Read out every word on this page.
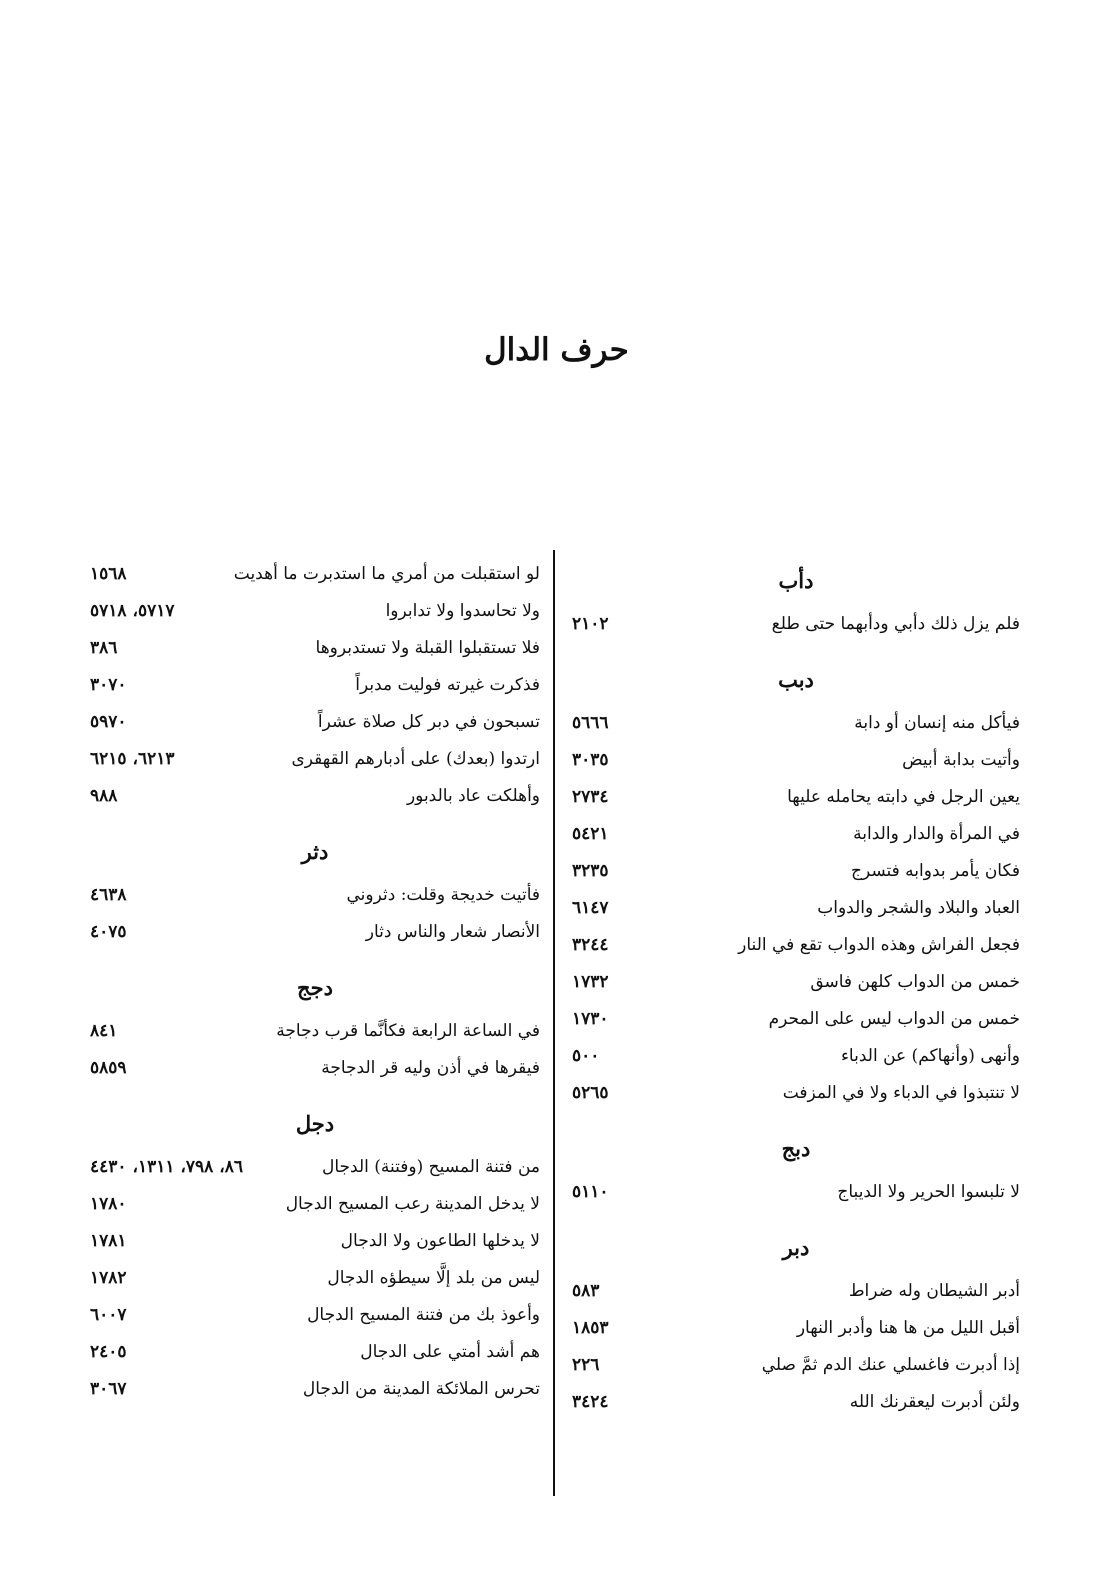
حرف الدال
دأب
فلم يزل ذلك دأبي ودأبهما حتى طلع
٢١٠٢
دبب
فيأكل منه إنسان أو دابة
٥٦٦٦
وأتيت بدابة أبيض
٣٠٣٥
يعين الرجل في دابته يحامله عليها
٢٧٣٤
في المرأة والدار والدابة
٥٤٢١
فكان يأمر بدوابه فتسرج
٣٢٣٥
العباد والبلاد والشجر والدواب
٦١٤٧
فجعل الفراش وهذه الدواب تقع في النار
٣٢٤٤
خمس من الدواب كلهن فاسق
١٧٣٢
خمس من الدواب ليس على المحرم
١٧٣٠
وأنهى (وأنهاكم) عن الدباء
٥٠٠
لا تنتبذوا في الدباء ولا في المزفت
٥٢٦٥
دبج
لا تلبسوا الحرير ولا الديباج
٥١١٠
دبر
أدبر الشيطان وله ضراط
٥٨٣
أقبل الليل من ها هنا وأدبر النهار
١٨٥٣
إذا أدبرت فاغسلي عنك الدم ثمَّ صلي
٢٢٦
ولئن أدبرت ليعقرنك الله
٣٤٢٤
لو استقبلت من أمري ما استدبرت ما أهديت
١٥٦٨
ولا تحاسدوا ولا تدابروا
٥٧١٧، ٥٧١٨
فلا تستقبلوا القبلة ولا تستدبروها
٣٨٦
فذكرت غيرته فوليت مدبراً
٣٠٧٠
تسبحون في دبر كل صلاة عشراً
٥٩٧٠
ارتدوا (بعدك) على أدبارهم القهقرى
٦٢١٣، ٦٢١٥
وأهلكت عاد بالدبور
٩٨٨
دثر
فأتيت خديجة وقلت: دثروني
٤٦٣٨
الأنصار شعار والناس دثار
٤٠٧٥
دجج
في الساعة الرابعة فكأنَّما قرب دجاجة
٨٤١
فيقرها في أذن وليه قر الدجاجة
٥٨٥٩
دجل
من فتنة المسيح (وفتنة) الدجال
٨٦، ٧٩٨، ١٣١١، ٤٤٣٠
لا يدخل المدينة رعب المسيح الدجال
١٧٨٠
لا يدخلها الطاعون ولا الدجال
١٧٨١
ليس من بلد إلَّا سيطؤه الدجال
١٧٨٢
وأعوذ بك من فتنة المسيح الدجال
٦٠٠٧
هم أشد أمتي على الدجال
٢٤٠٥
تحرس الملائكة المدينة من الدجال
٣٠٦٧
